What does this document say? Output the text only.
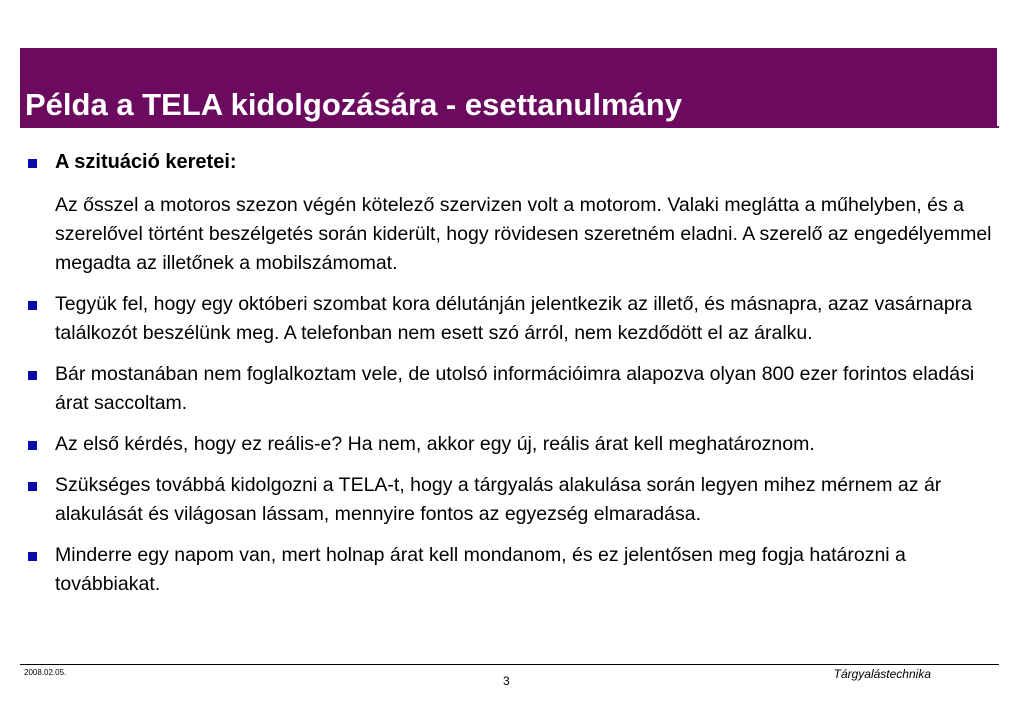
Példa a TELA kidolgozására - esettanulmány
A szituáció keretei:
Az ősszel a motoros szezon végén kötelező szervizen volt a motorom. Valaki meglátta a műhelyben, és a szerelővel történt beszélgetés során kiderült, hogy rövidesen szeretném eladni. A szerelő az engedélyemmel megadta az illetőnek a mobilszámomat.
Tegyük fel, hogy egy októberi szombat kora délutánján jelentkezik az illető, és másnapra, azaz vasárnapra találkozót beszélünk meg. A telefonban nem esett szó árról, nem kezdődött el az áralku.
Bár mostanában nem foglalkoztam vele, de utolsó információimra alapozva olyan 800 ezer forintos eladási árat saccoltam.
Az első kérdés, hogy ez reális-e? Ha nem, akkor egy új, reális árat kell meghatároznom.
Szükséges továbbá kidolgozni a TELA-t, hogy a tárgyalás alakulása során legyen mihez mérnem az ár alakulását és világosan lássam, mennyire fontos az egyezség elmaradása.
Minderre egy napom van, mert holnap árat kell mondanom, és ez jelentősen meg fogja határozni a továbbiakat.
2008.02.05.
3	Tárgyalástechnika
